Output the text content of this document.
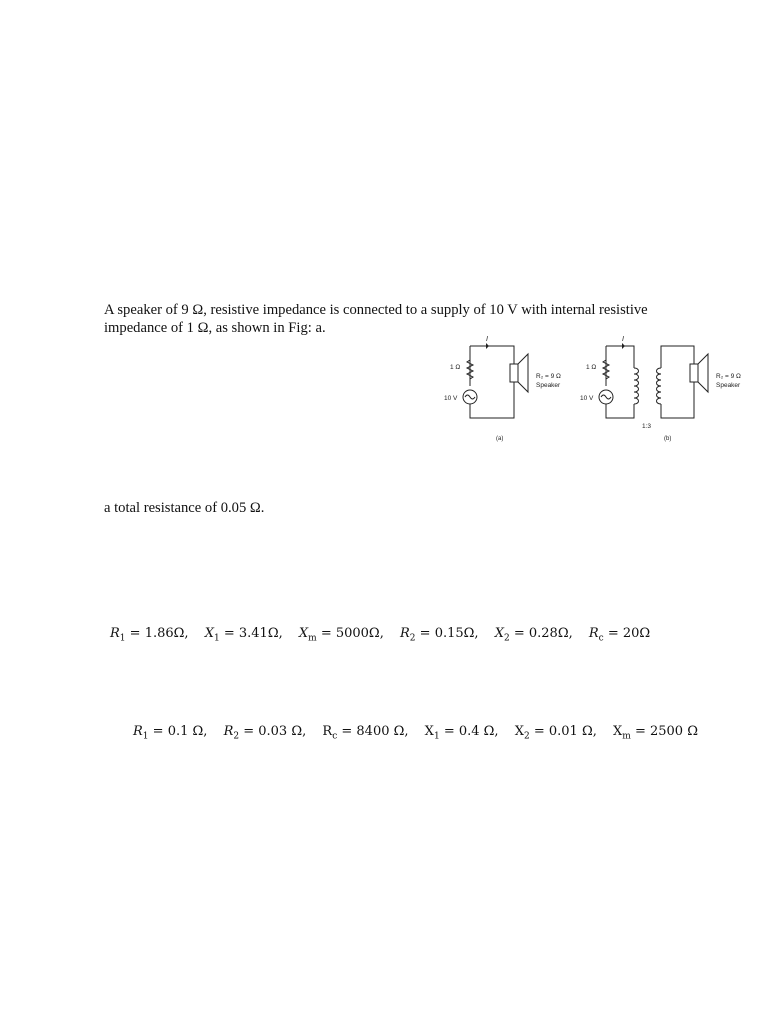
A speaker of 9 Ω, resistive impedance is connected to a supply of 10 V with internal resistive
impedance of 1 Ω, as shown in Fig: a.
I
1 Ω
10 V
R₂ = 9 Ω
Speaker
(a)
I
1 Ω
10 V
1:3
R₂ = 9 Ω
Speaker
(b)
a total resistance of 0.05 Ω.
$R_1 = 1.86\Omega$, $X_1 = 3.41\Omega$, $X_m = 5000\Omega$, $R_2 = 0.15\Omega$, $X_2 = 0.28\Omega$, $R_c = 20\Omega$
$R_1 = 0.1$ Ω, $R_2 = 0.03$ Ω, $R_c = 8400$ Ω, $X_1 = 0.4$ Ω, $X_2 = 0.01$ Ω, $X_m = 2500$ Ω
